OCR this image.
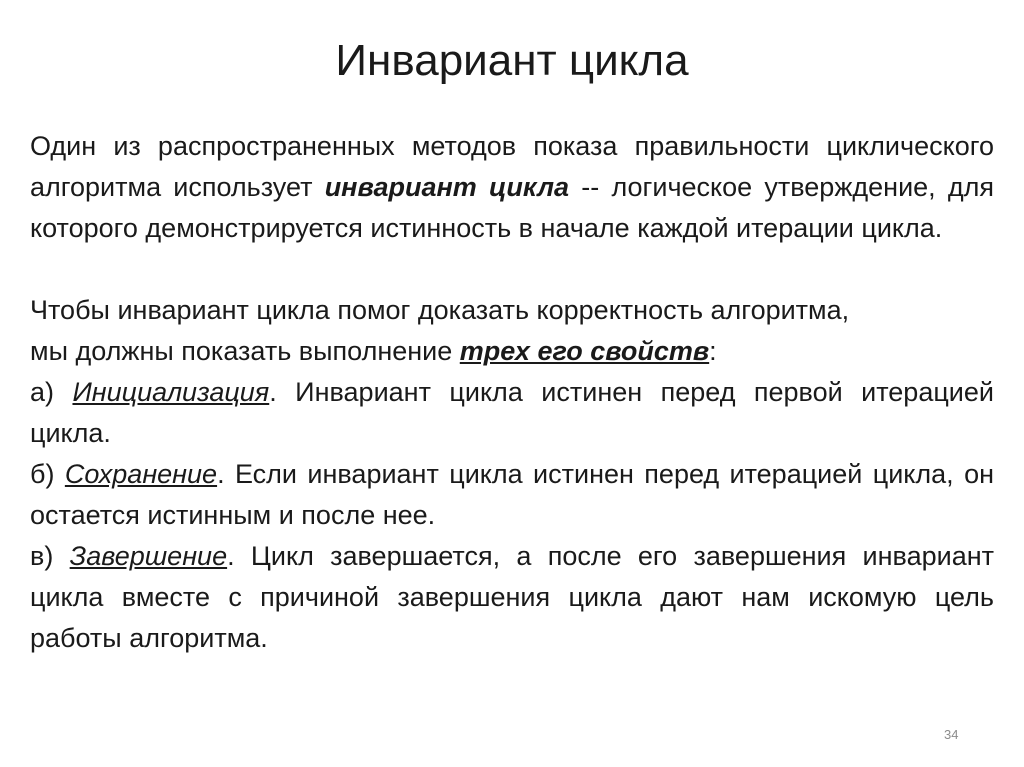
Инвариант цикла

Один из распространенных методов показа правильности циклического алгоритма использует инвариант цикла -- логическое утверждение, для которого демонстрируется истинность в начале каждой итерации цикла.

Чтобы инвариант цикла помог доказать корректность алгоритма,

мы должны показать выполнение трех его свойств:

а) Инициализация. Инвариант цикла истинен перед первой итерацией цикла.

б) Сохранение. Если инвариант цикла истинен перед итерацией цикла, он остается истинным и после нее.

в) Завершение. Цикл завершается, а после его завершения инвариант цикла вместе с причиной завершения цикла дают нам искомую цель работы алгоритма.

34
